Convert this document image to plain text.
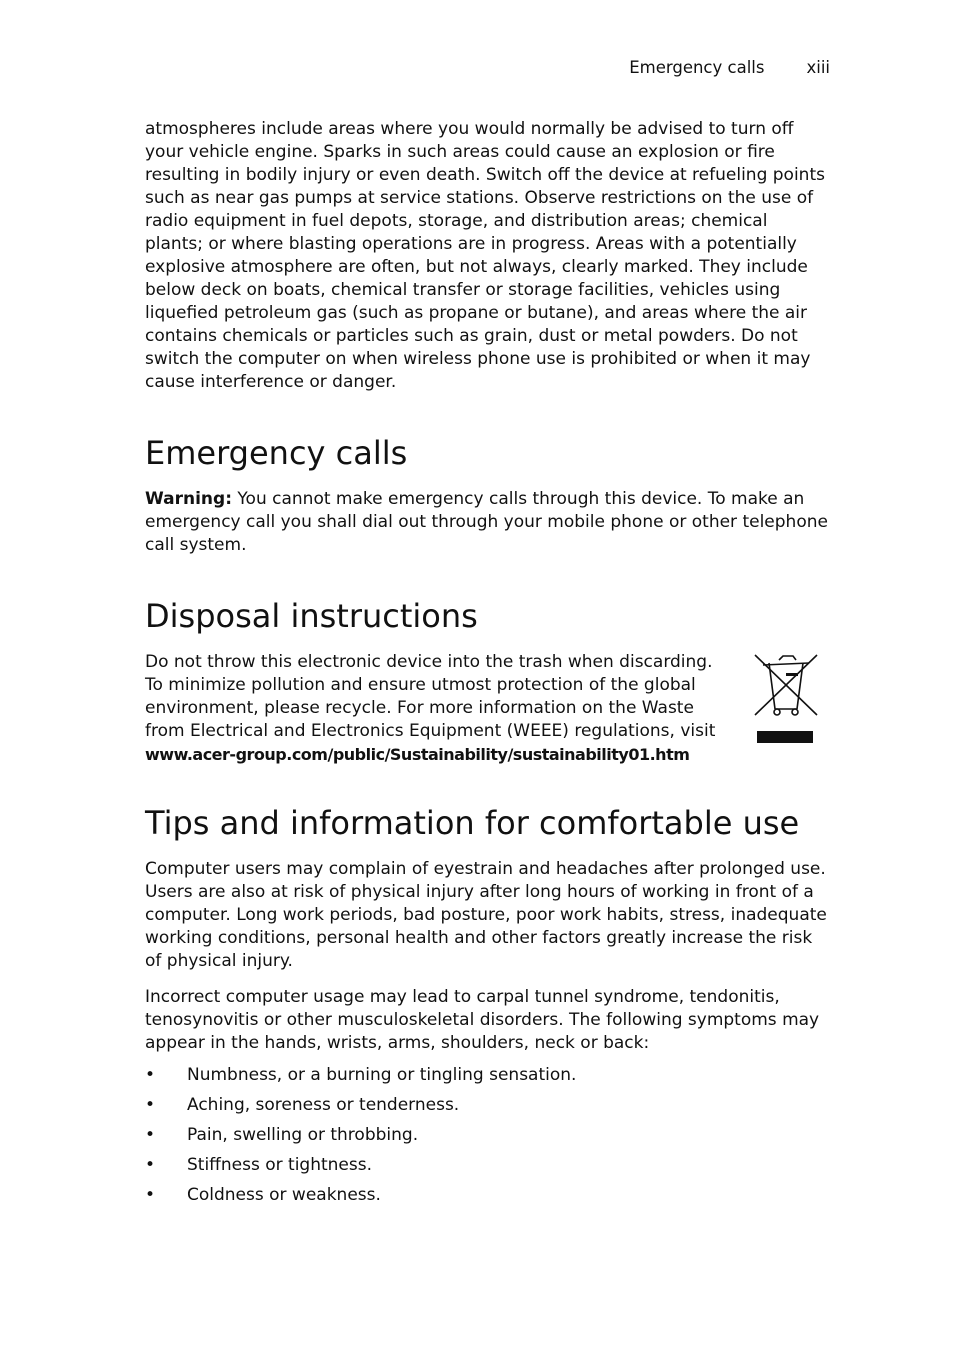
Emergency calls	xiii

atmospheres include areas where you would normally be advised to turn off your vehicle engine. Sparks in such areas could cause an explosion or fire resulting in bodily injury or even death. Switch off the device at refueling points such as near gas pumps at service stations. Observe restrictions on the use of radio equipment in fuel depots, storage, and distribution areas; chemical plants; or where blasting operations are in progress. Areas with a potentially explosive atmosphere are often, but not always, clearly marked. They include below deck on boats, chemical transfer or storage facilities, vehicles using liquefied petroleum gas (such as propane or butane), and areas where the air contains chemicals or particles such as grain, dust or metal powders. Do not switch the computer on when wireless phone use is prohibited or when it may cause interference or danger.

Emergency calls

Warning: You cannot make emergency calls through this device. To make an emergency call you shall dial out through your mobile phone or other telephone call system.

Disposal instructions

Do not throw this electronic device into the trash when discarding. To minimize pollution and ensure utmost protection of the global environment, please recycle. For more information on the Waste from Electrical and Electronics Equipment (WEEE) regulations, visit

www.acer-group.com/public/Sustainability/sustainability01.htm

Tips and information for comfortable use

Computer users may complain of eyestrain and headaches after prolonged use. Users are also at risk of physical injury after long hours of working in front of a computer. Long work periods, bad posture, poor work habits, stress, inadequate working conditions, personal health and other factors greatly increase the risk of physical injury.

Incorrect computer usage may lead to carpal tunnel syndrome, tendonitis, tenosynovitis or other musculoskeletal disorders. The following symptoms may appear in the hands, wrists, arms, shoulders, neck or back:

• Numbness, or a burning or tingling sensation.
• Aching, soreness or tenderness.
• Pain, swelling or throbbing.
• Stiffness or tightness.
• Coldness or weakness.
